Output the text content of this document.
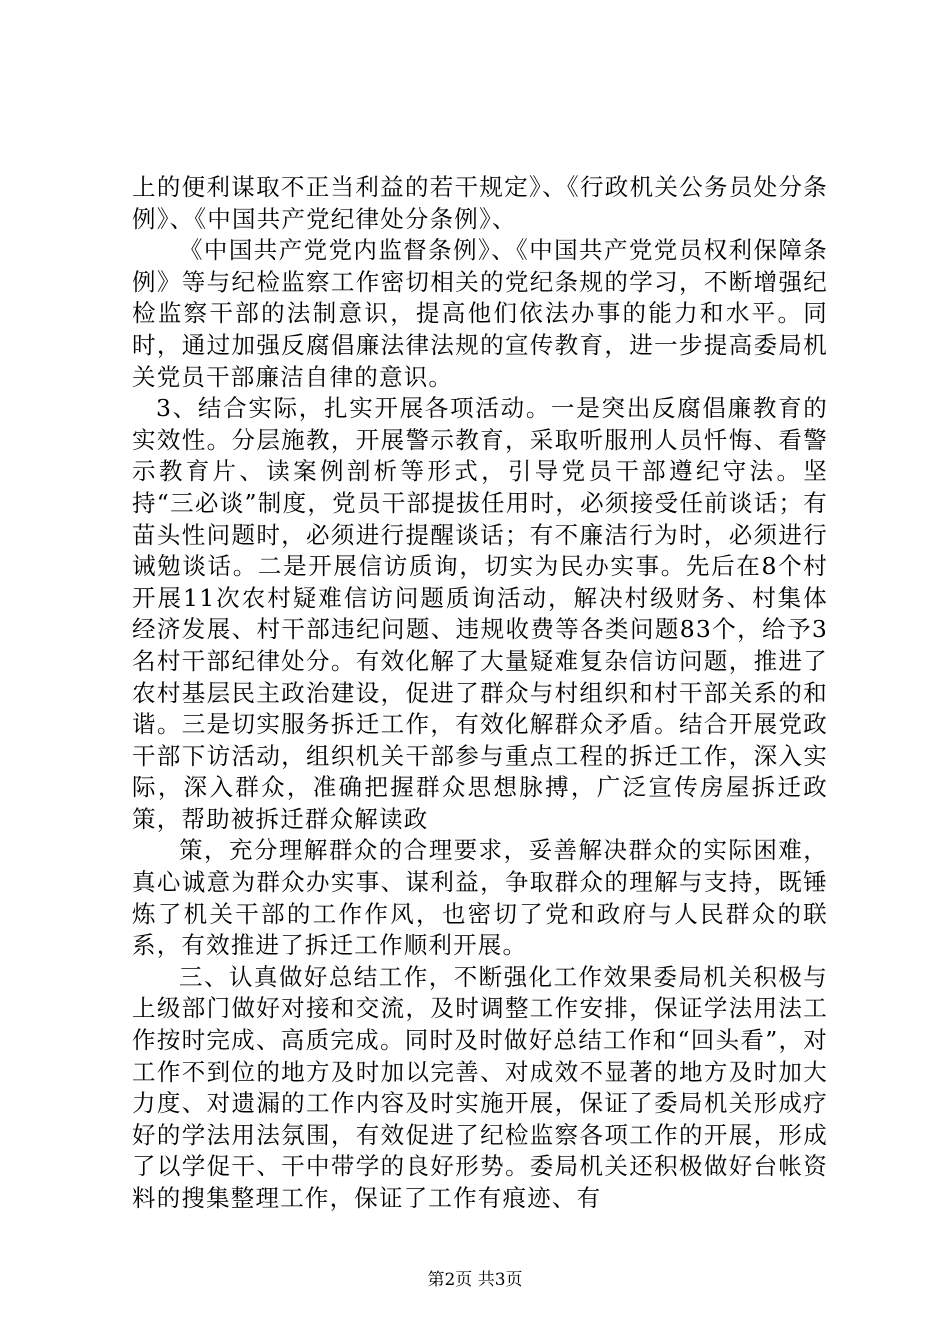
上的便利谋取不正当利益的若干规定》、《行政机关公务员处分条例》、《中国共产党纪律处分条例》、

《中国共产党党内监督条例》、《中国共产党党员权利保障条例》等与纪检监察工作密切相关的党纪条规的学习，不断增强纪检监察干部的法制意识，提高他们依法办事的能力和水平。同时，通过加强反腐倡廉法律法规的宣传教育，进一步提高委局机关党员干部廉洁自律的意识。

3、结合实际，扎实开展各项活动。一是突出反腐倡廉教育的实效性。分层施教，开展警示教育，采取听服刑人员忏悔、看警示教育片、读案例剖析等形式，引导党员干部遵纪守法。坚持“三必谈”制度，党员干部提拔任用时，必须接受任前谈话；有苗头性问题时，必须进行提醒谈话；有不廉洁行为时，必须进行诫勉谈话。二是开展信访质询，切实为民办实事。先后在8个村开展11次农村疑难信访问题质询活动，解决村级财务、村集体经济发展、村干部违纪问题、违规收费等各类问题83个，给予3名村干部纪律处分。有效化解了大量疑难复杂信访问题，推进了农村基层民主政治建设，促进了群众与村组织和村干部关系的和谐。三是切实服务拆迁工作，有效化解群众矛盾。结合开展党政干部下访活动，组织机关干部参与重点工程的拆迁工作，深入实际，深入群众，准确把握群众思想脉搏，广泛宣传房屋拆迁政策，帮助被拆迁群众解读政

策，充分理解群众的合理要求，妥善解决群众的实际困难，真心诚意为群众办实事、谋利益，争取群众的理解与支持，既锤炼了机关干部的工作作风，也密切了党和政府与人民群众的联系，有效推进了拆迁工作顺利开展。

三、认真做好总结工作，不断强化工作效果委局机关积极与上级部门做好对接和交流，及时调整工作安排，保证学法用法工作按时完成、高质完成。同时及时做好总结工作和“回头看”，对工作不到位的地方及时加以完善、对成效不显著的地方及时加大力度、对遗漏的工作内容及时实施开展，保证了委局机关形成疗好的学法用法氛围，有效促进了纪检监察各项工作的开展，形成了以学促干、干中带学的良好形势。委局机关还积极做好台帐资料的搜集整理工作，保证了工作有痕迹、有

第2页 共3页
